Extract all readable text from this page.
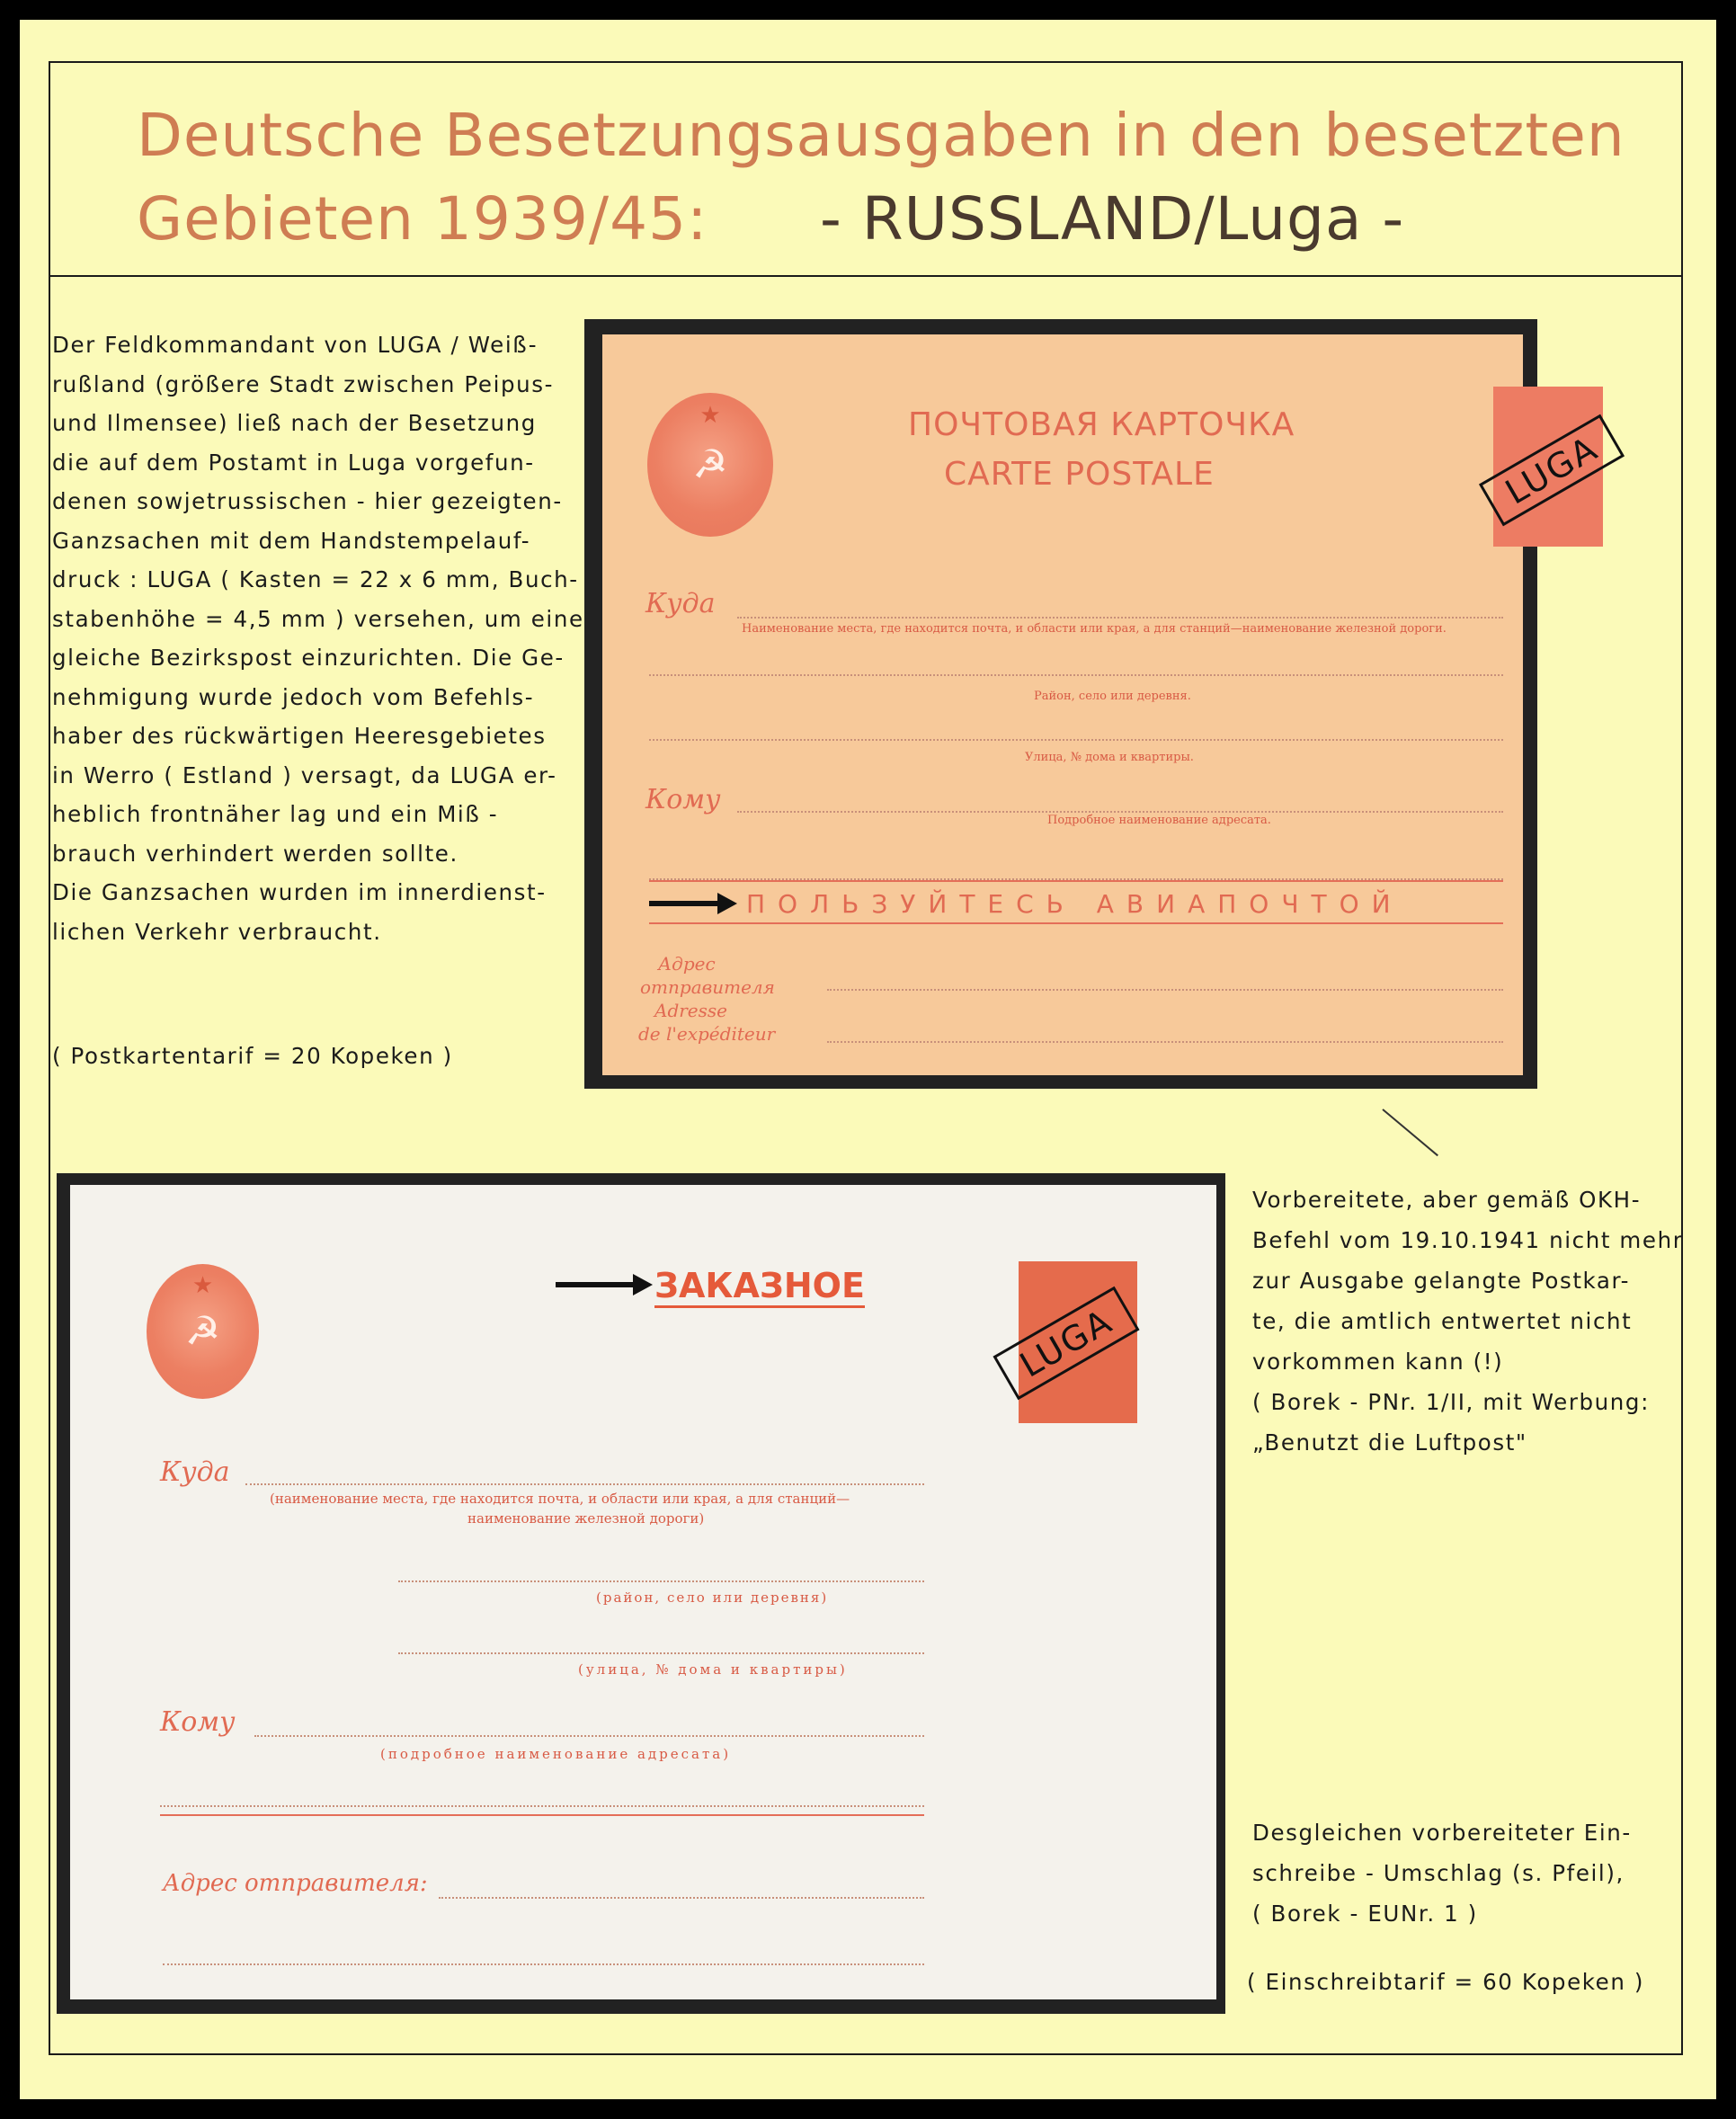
Deutsche Besetzungsausgaben in den besetzten
Gebieten 1939/45: - RUSSLAND/Luga -
Der Feldkommandant von LUGA / Weiß-
rußland (größere Stadt zwischen Peipus-
und Ilmensee) ließ nach der Besetzung
die auf dem Postamt in Luga vorgefun-
denen sowjetrussischen - hier gezeigten-
Ganzsachen mit dem Handstempelauf-
druck : LUGA ( Kasten = 22 x 6 mm, Buch-
stabenhöhe = 4,5 mm ) versehen, um eine
gleiche Bezirkspost einzurichten. Die Ge-
nehmigung wurde jedoch vom Befehls-
haber des rückwärtigen Heeresgebietes
in Werro ( Estland ) versagt, da LUGA er-
heblich frontnäher lag und ein Miß -
brauch verhindert werden sollte.
Die Ganzsachen wurden im innerdienst-
lichen Verkehr verbraucht.
( Postkartentarif = 20 Kopeken )
★
☭
ПОЧТОВАЯ КАРТОЧКА
CARTE POSTALE
Куда
Наименование места, где находится почта, и области или края, а для станций—наименование железной дороги.
Район, село или деревня.
Улица, № дома и квартиры.
Кому
Подробное наименование адресата.
ПОЛЬЗУЙТЕСЬ АВИАПОЧТОЙ
Адрес
отправителя
Adresse
de l'expéditeur
LUGA
Vorbereitete, aber gemäß OKH-
Befehl vom 19.10.1941 nicht mehr
zur Ausgabe gelangte Postkar-
te, die amtlich entwertet nicht
vorkommen kann (!)
( Borek - PNr. 1/II, mit Werbung:
„Benutzt die Luftpost"
★
☭
ЗАКАЗНОЕ
Куда
(наименование места, где находится почта, и области или края, а для станций—
наименование железной дороги)
(район, село или деревня)
(улица, № дома и квартиры)
Кому
(подробное наименование адресата)
Адрес отправителя:
LUGA
Desgleichen vorbereiteter Ein-
schreibe - Umschlag (s. Pfeil),
( Borek - EUNr. 1 )
( Einschreibtarif = 60 Kopeken )
